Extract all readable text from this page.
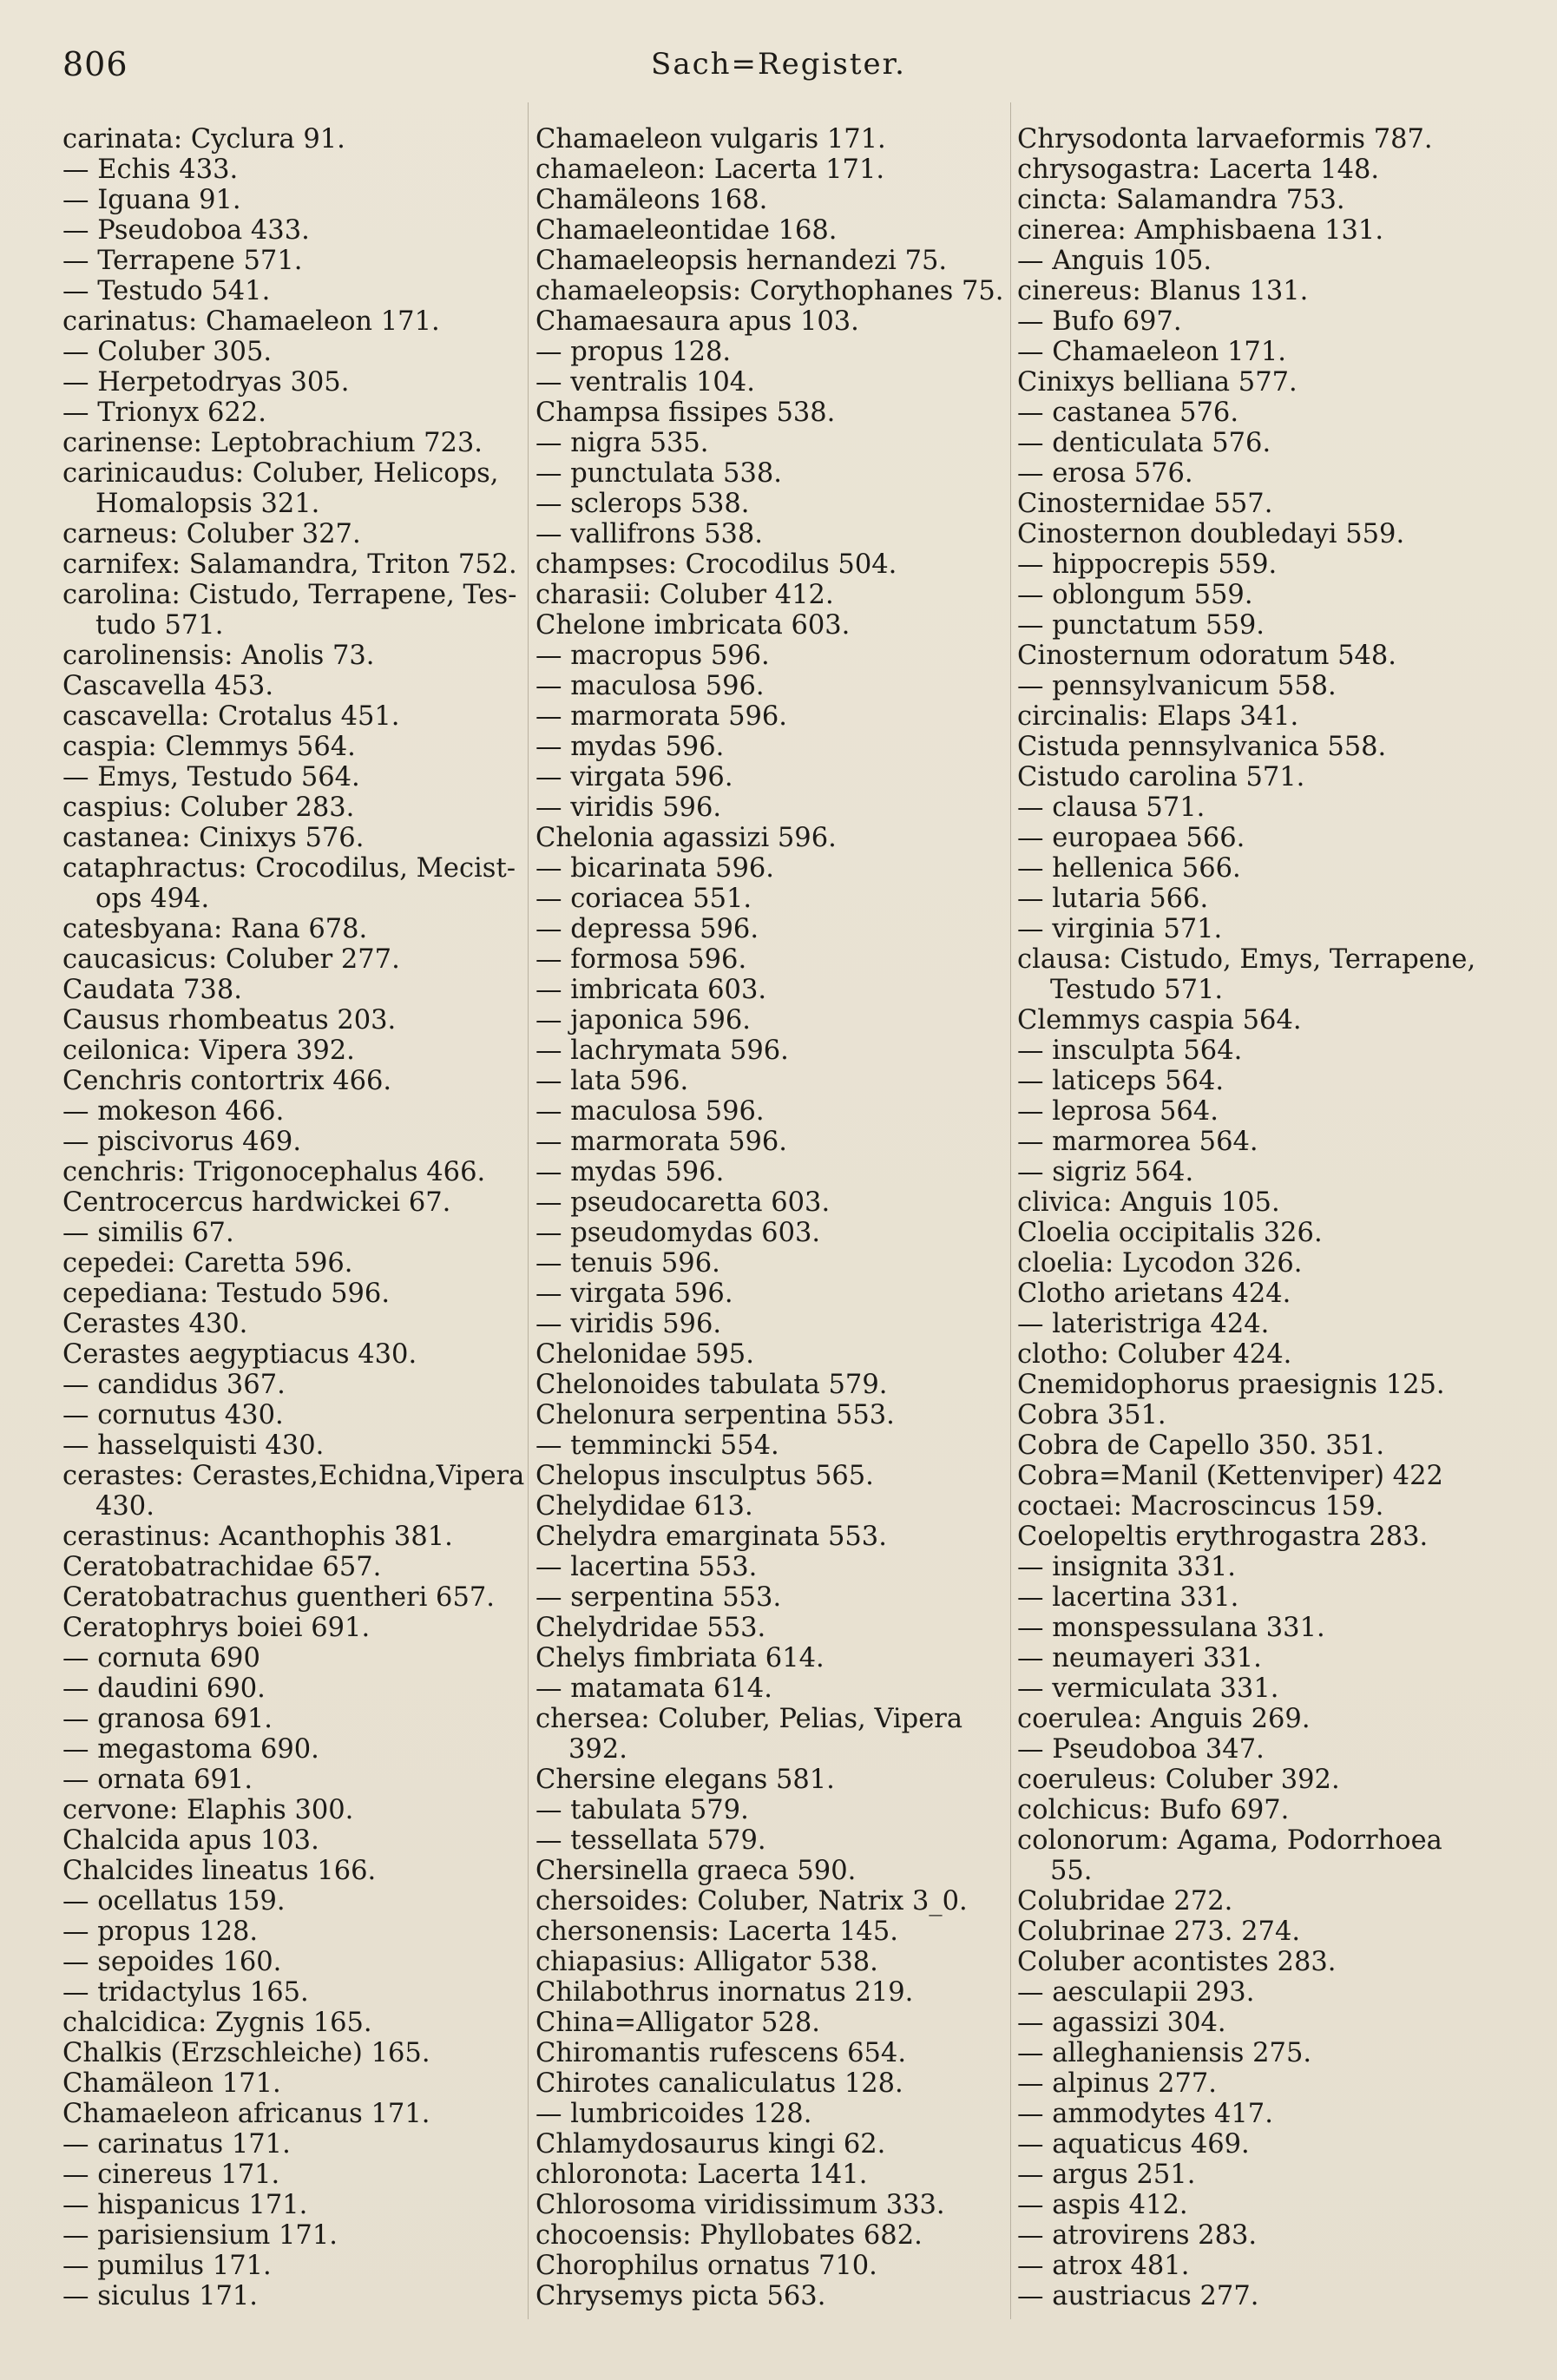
806	Sach=Register.
carinata: Cyclura 91.
— Echis 433.
— Iguana 91.
— Pseudoboa 433.
— Terrapene 571.
— Testudo 541.
carinatus: Chamaeleon 171.
— Coluber 305.
— Herpetodryas 305.
— Trionyx 622.
carinense: Leptobrachium 723.
carinicaudus: Coluber, Helicops,
Homalopsis 321.
carneus: Coluber 327.
carnifex: Salamandra, Triton 752.
carolina: Cistudo, Terrapene, Tes-
tudo 571.
carolinensis: Anolis 73.
Cascavella 453.
cascavella: Crotalus 451.
caspia: Clemmys 564.
— Emys, Testudo 564.
caspius: Coluber 283.
castanea: Cinixys 576.
cataphractus: Crocodilus, Mecist-
ops 494.
catesbyana: Rana 678.
caucasicus: Coluber 277.
Caudata 738.
Causus rhombeatus 203.
ceilonica: Vipera 392.
Cenchris contortrix 466.
— mokeson 466.
— piscivorus 469.
cenchris: Trigonocephalus 466.
Centrocercus hardwickei 67.
— similis 67.
cepedei: Caretta 596.
cepediana: Testudo 596.
Cerastes 430.
Cerastes aegyptiacus 430.
— candidus 367.
— cornutus 430.
— hasselquisti 430.
cerastes: Cerastes,Echidna,Vipera
430.
cerastinus: Acanthophis 381.
Ceratobatrachidae 657.
Ceratobatrachus guentheri 657.
Ceratophrys boiei 691.
— cornuta 690
— daudini 690.
— granosa 691.
— megastoma 690.
— ornata 691.
cervone: Elaphis 300.
Chalcida apus 103.
Chalcides lineatus 166.
— ocellatus 159.
— propus 128.
— sepoides 160.
— tridactylus 165.
chalcidica: Zygnis 165.
Chalkis (Erzschleiche) 165.
Chamäleon 171.
Chamaeleon africanus 171.
— carinatus 171.
— cinereus 171.
— hispanicus 171.
— parisiensium 171.
— pumilus 171.
— siculus 171.
Chamaeleon vulgaris 171.
chamaeleon: Lacerta 171.
Chamäleons 168.
Chamaeleontidae 168.
Chamaeleopsis hernandezi 75.
chamaeleopsis: Corythophanes 75.
Chamaesaura apus 103.
— propus 128.
— ventralis 104.
Champsa fissipes 538.
— nigra 535.
— punctulata 538.
— sclerops 538.
— vallifrons 538.
champses: Crocodilus 504.
charasii: Coluber 412.
Chelone imbricata 603.
— macropus 596.
— maculosa 596.
— marmorata 596.
— mydas 596.
— virgata 596.
— viridis 596.
Chelonia agassizi 596.
— bicarinata 596.
— coriacea 551.
— depressa 596.
— formosa 596.
— imbricata 603.
— japonica 596.
— lachrymata 596.
— lata 596.
— maculosa 596.
— marmorata 596.
— mydas 596.
— pseudocaretta 603.
— pseudomydas 603.
— tenuis 596.
— virgata 596.
— viridis 596.
Chelonidae 595.
Chelonoides tabulata 579.
Chelonura serpentina 553.
— temmincki 554.
Chelopus insculptus 565.
Chelydidae 613.
Chelydra emarginata 553.
— lacertina 553.
— serpentina 553.
Chelydridae 553.
Chelys fimbriata 614.
— matamata 614.
chersea: Coluber, Pelias, Vipera
392.
Chersine elegans 581.
— tabulata 579.
— tessellata 579.
Chersinella graeca 590.
chersoides: Coluber, Natrix 3_0.
chersonensis: Lacerta 145.
chiapasius: Alligator 538.
Chilabothrus inornatus 219.
China=Alligator 528.
Chiromantis rufescens 654.
Chirotes canaliculatus 128.
— lumbricoides 128.
Chlamydosaurus kingi 62.
chloronota: Lacerta 141.
Chlorosoma viridissimum 333.
chocoensis: Phyllobates 682.
Chorophilus ornatus 710.
Chrysemys picta 563.
Chrysodonta larvaeformis 787.
chrysogastra: Lacerta 148.
cincta: Salamandra 753.
cinerea: Amphisbaena 131.
— Anguis 105.
cinereus: Blanus 131.
— Bufo 697.
— Chamaeleon 171.
Cinixys belliana 577.
— castanea 576.
— denticulata 576.
— erosa 576.
Cinosternidae 557.
Cinosternon doubledayi 559.
— hippocrepis 559.
— oblongum 559.
— punctatum 559.
Cinosternum odoratum 548.
— pennsylvanicum 558.
circinalis: Elaps 341.
Cistuda pennsylvanica 558.
Cistudo carolina 571.
— clausa 571.
— europaea 566.
— hellenica 566.
— lutaria 566.
— virginia 571.
clausa: Cistudo, Emys, Terrapene,
Testudo 571.
Clemmys caspia 564.
— insculpta 564.
— laticeps 564.
— leprosa 564.
— marmorea 564.
— sigriz 564.
clivica: Anguis 105.
Cloelia occipitalis 326.
cloelia: Lycodon 326.
Clotho arietans 424.
— lateristriga 424.
clotho: Coluber 424.
Cnemidophorus praesignis 125.
Cobra 351.
Cobra de Capello 350. 351.
Cobra=Manil (Kettenviper) 422
coctaei: Macroscincus 159.
Coelopeltis erythrogastra 283.
— insignita 331.
— lacertina 331.
— monspessulana 331.
— neumayeri 331.
— vermiculata 331.
coerulea: Anguis 269.
— Pseudoboa 347.
coeruleus: Coluber 392.
colchicus: Bufo 697.
colonorum: Agama, Podorrhoea
55.
Colubridae 272.
Colubrinae 273. 274.
Coluber acontistes 283.
— aesculapii 293.
— agassizi 304.
— alleghaniensis 275.
— alpinus 277.
— ammodytes 417.
— aquaticus 469.
— argus 251.
— aspis 412.
— atrovirens 283.
— atrox 481.
— austriacus 277.
